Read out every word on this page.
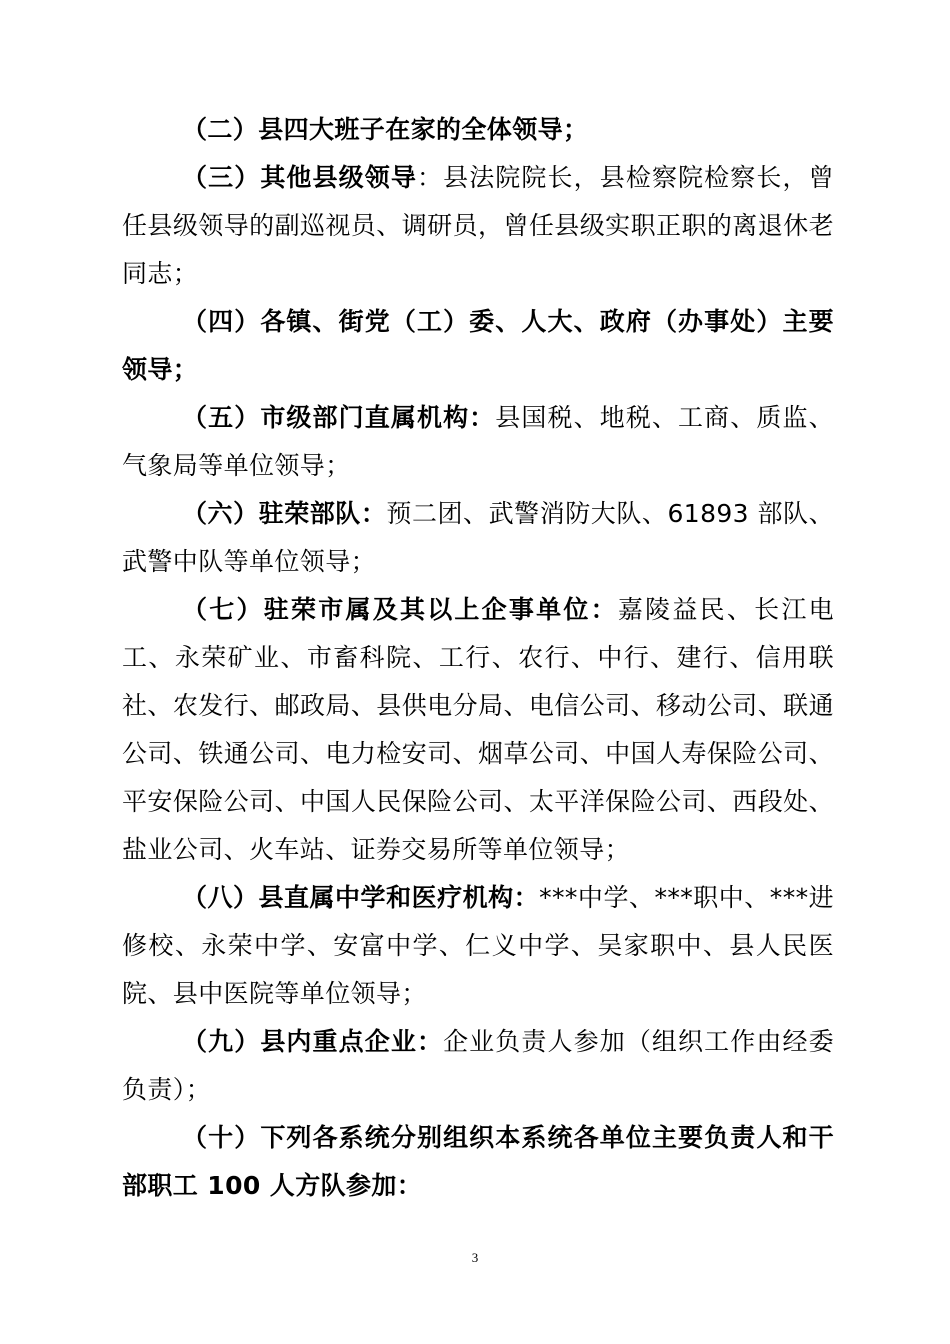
（二）县四大班子在家的全体领导；

（三）其他县级领导：县法院院长，县检察院检察长，曾任县级领导的副巡视员、调研员，曾任县级实职正职的离退休老同志；

（四）各镇、街党（工）委、人大、政府（办事处）主要领导；

（五）市级部门直属机构：县国税、地税、工商、质监、气象局等单位领导；

（六）驻荣部队：预二团、武警消防大队、61893 部队、武警中队等单位领导；

（七）驻荣市属及其以上企事单位：嘉陵益民、长江电工、永荣矿业、市畜科院、工行、农行、中行、建行、信用联社、农发行、邮政局、县供电分局、电信公司、移动公司、联通公司、铁通公司、电力检安司、烟草公司、中国人寿保险公司、平安保险公司、中国人民保险公司、太平洋保险公司、西段处、盐业公司、火车站、证券交易所等单位领导；

（八）县直属中学和医疗机构：***中学、***职中、***进修校、永荣中学、安富中学、仁义中学、吴家职中、县人民医院、县中医院等单位领导；

（九）县内重点企业：企业负责人参加（组织工作由经委负责）；

（十）下列各系统分别组织本系统各单位主要负责人和干部职工 100 人方队参加：

3
